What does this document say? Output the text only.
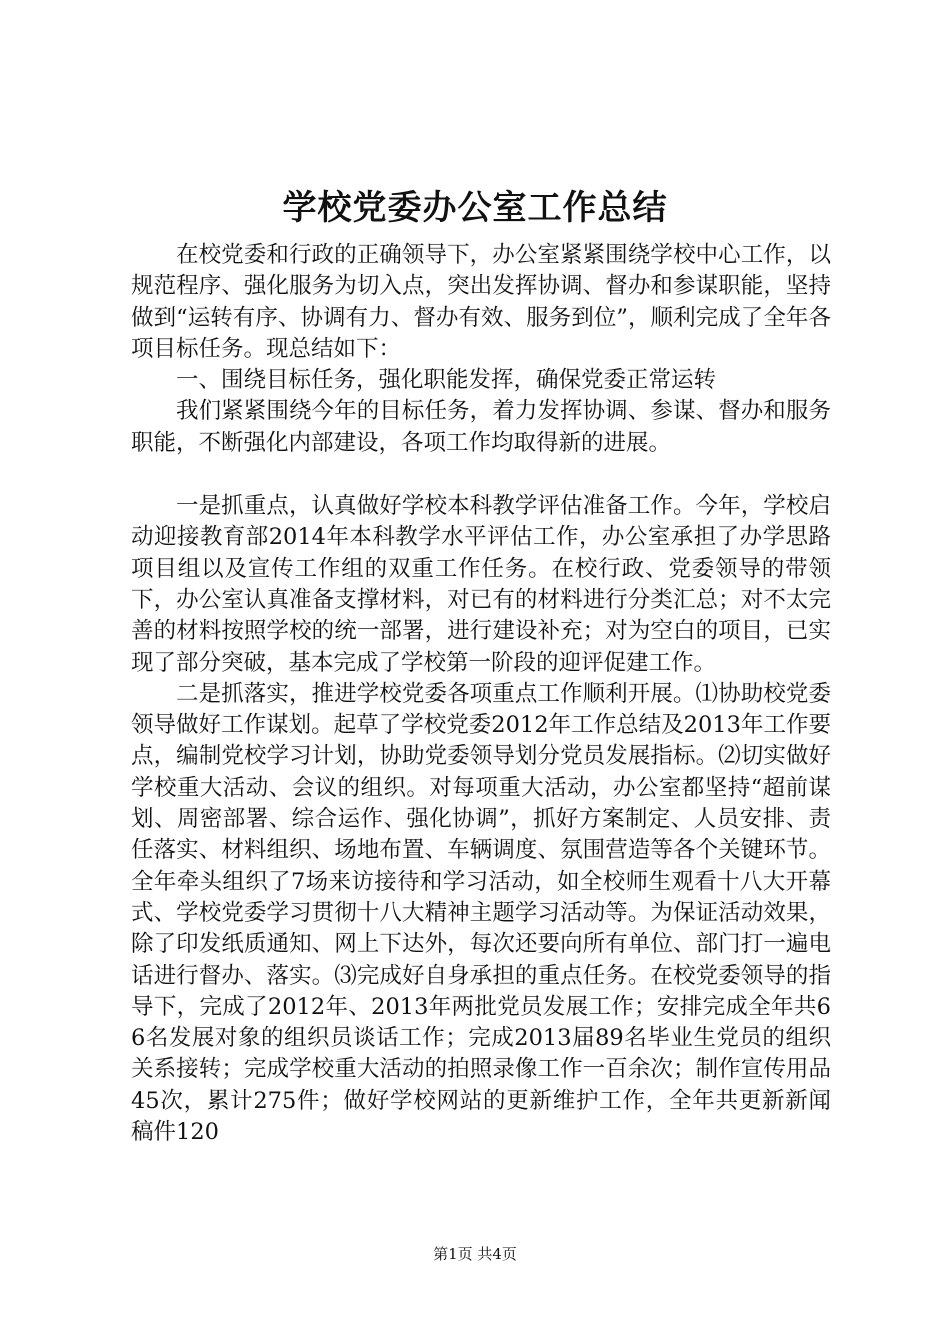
学校党委办公室工作总结

在校党委和行政的正确领导下，办公室紧紧围绕学校中心工作，以规范程序、强化服务为切入点，突出发挥协调、督办和参谋职能，坚持做到“运转有序、协调有力、督办有效、服务到位”，顺利完成了全年各项目标任务。现总结如下：

一、围绕目标任务，强化职能发挥，确保党委正常运转

我们紧紧围绕今年的目标任务，着力发挥协调、参谋、督办和服务职能，不断强化内部建设，各项工作均取得新的进展。

一是抓重点，认真做好学校本科教学评估准备工作。今年，学校启动迎接教育部2014年本科教学水平评估工作，办公室承担了办学思路项目组以及宣传工作组的双重工作任务。在校行政、党委领导的带领下，办公室认真准备支撑材料，对已有的材料进行分类汇总；对不太完善的材料按照学校的统一部署，进行建设补充；对为空白的项目，已实现了部分突破，基本完成了学校第一阶段的迎评促建工作。

二是抓落实，推进学校党委各项重点工作顺利开展。⑴协助校党委领导做好工作谋划。起草了学校党委2012年工作总结及2013年工作要点，编制党校学习计划，协助党委领导划分党员发展指标。⑵切实做好学校重大活动、会议的组织。对每项重大活动，办公室都坚持“超前谋划、周密部署、综合运作、强化协调”，抓好方案制定、人员安排、责任落实、材料组织、场地布置、车辆调度、氛围营造等各个关键环节。全年牵头组织了7场来访接待和学习活动，如全校师生观看十八大开幕式、学校党委学习贯彻十八大精神主题学习活动等。为保证活动效果，除了印发纸质通知、网上下达外，每次还要向所有单位、部门打一遍电话进行督办、落实。⑶完成好自身承担的重点任务。在校党委领导的指导下，完成了2012年、2013年两批党员发展工作；安排完成全年共66名发展对象的组织员谈话工作；完成2013届89名毕业生党员的组织关系接转；完成学校重大活动的拍照录像工作一百余次；制作宣传用品45次，累计275件；做好学校网站的更新维护工作，全年共更新新闻稿件120

第1页 共4页
